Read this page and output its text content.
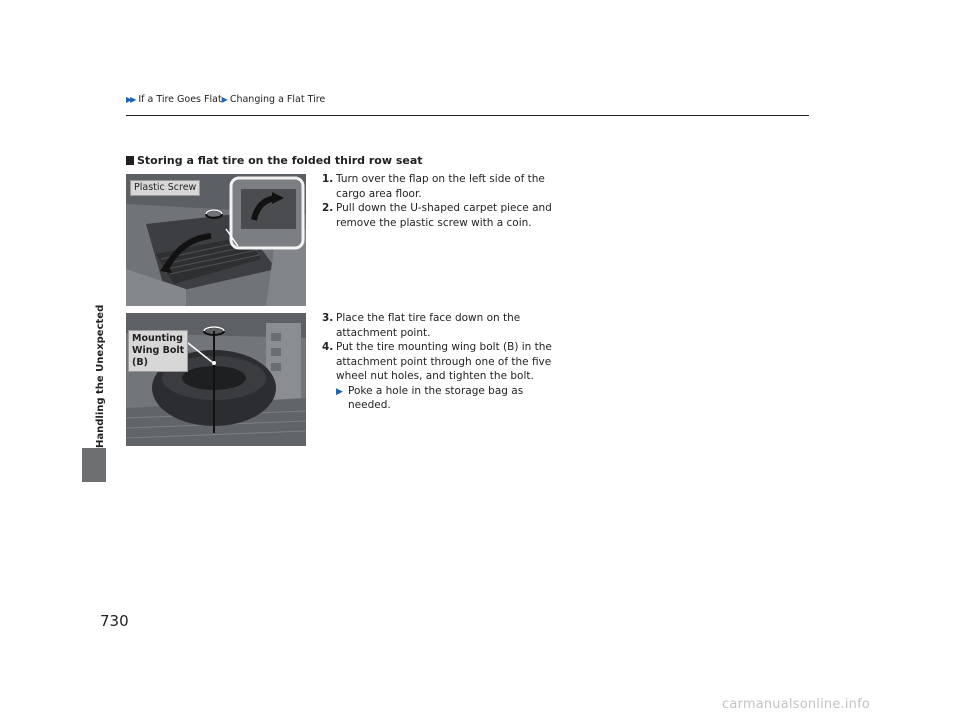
▶▶ If a Tire Goes Flat ▶ Changing a Flat Tire
Handling the Unexpected
Storing a flat tire on the folded third row seat
Plastic Screw
Mounting
Wing Bolt
(B)
1. Turn over the flap on the left side of the
cargo area floor.
2. Pull down the U-shaped carpet piece and
remove the plastic screw with a coin.
3. Place the flat tire face down on the
attachment point.
4. Put the tire mounting wing bolt (B) in the
attachment point through one of the five
wheel nut holes, and tighten the bolt.
▶ Poke a hole in the storage bag as
needed.
730
carmanualsonline.info
